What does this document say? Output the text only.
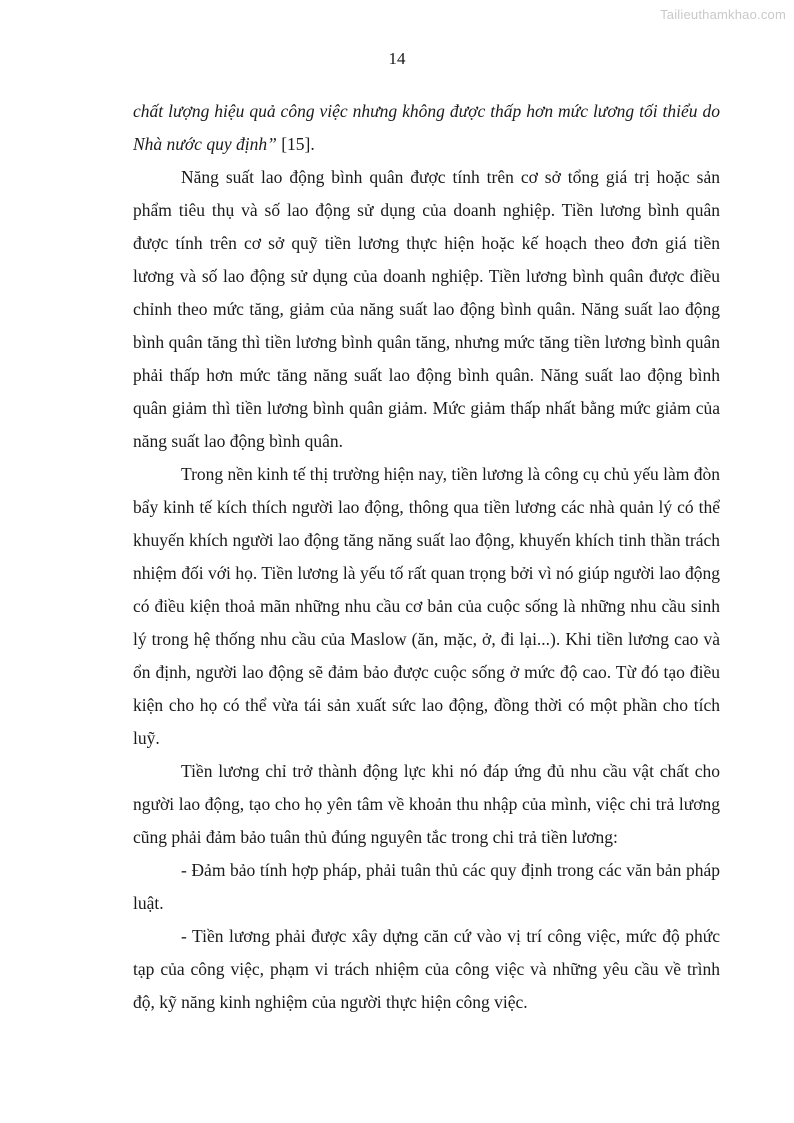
Tailieuthamkhao.com
14

chất lượng hiệu quả công việc nhưng không được thấp hơn mức lương tối thiểu do Nhà nước quy định” [15].

Năng suất lao động bình quân được tính trên cơ sở tổng giá trị hoặc sản phẩm tiêu thụ và số lao động sử dụng của doanh nghiệp. Tiền lương bình quân được tính trên cơ sở quỹ tiền lương thực hiện hoặc kế hoạch theo đơn giá tiền lương và số lao động sử dụng của doanh nghiệp. Tiền lương bình quân được điều chỉnh theo mức tăng, giảm của năng suất lao động bình quân. Năng suất lao động bình quân tăng thì tiền lương bình quân tăng, nhưng mức tăng tiền lương bình quân phải thấp hơn mức tăng năng suất lao động bình quân. Năng suất lao động bình quân giảm thì tiền lương bình quân giảm. Mức giảm thấp nhất bằng mức giảm của năng suất lao động bình quân.

Trong nền kinh tế thị trường hiện nay, tiền lương là công cụ chủ yếu làm đòn bẩy kinh tế kích thích người lao động, thông qua tiền lương các nhà quản lý có thể khuyến khích người lao động tăng năng suất lao động, khuyến khích tinh thần trách nhiệm đối với họ. Tiền lương là yếu tố rất quan trọng bởi vì nó giúp người lao động có điều kiện thoả mãn những nhu cầu cơ bản của cuộc sống là những nhu cầu sinh lý trong hệ thống nhu cầu của Maslow (ăn, mặc, ở, đi lại...). Khi tiền lương cao và ổn định, người lao động sẽ đảm bảo được cuộc sống ở mức độ cao. Từ đó tạo điều kiện cho họ có thể vừa tái sản xuất sức lao động, đồng thời có một phần cho tích luỹ.

Tiền lương chỉ trở thành động lực khi nó đáp ứng đủ nhu cầu vật chất cho người lao động, tạo cho họ yên tâm về khoản thu nhập của mình, việc chi trả lương cũng phải đảm bảo tuân thủ đúng nguyên tắc trong chi trả tiền lương:

- Đảm bảo tính hợp pháp, phải tuân thủ các quy định trong các văn bản pháp luật.

- Tiền lương phải được xây dựng căn cứ vào vị trí công việc, mức độ phức tạp của công việc, phạm vi trách nhiệm của công việc và những yêu cầu về trình độ, kỹ năng kinh nghiệm của người thực hiện công việc.
